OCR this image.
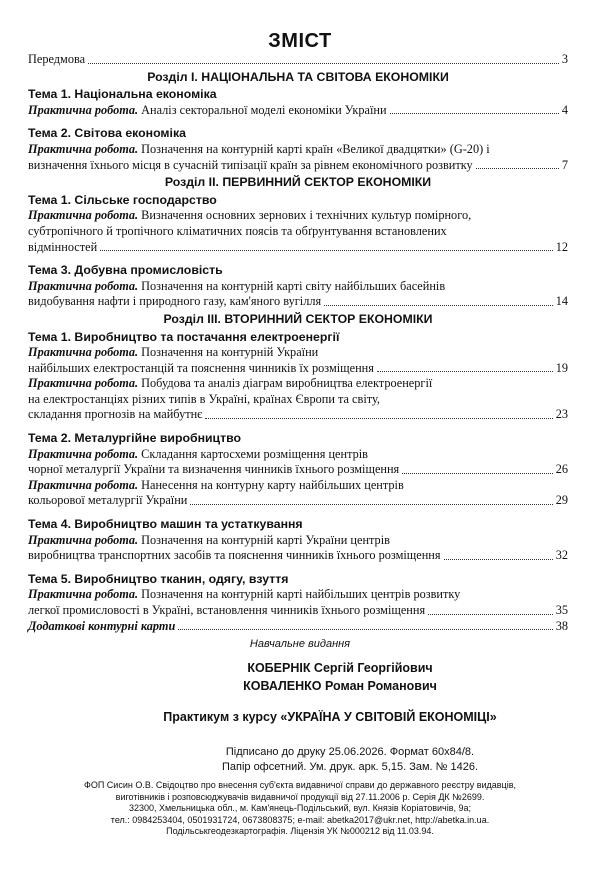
ЗМІСТ
Передмова	3
Розділ І. НАЦІОНАЛЬНА ТА СВІТОВА ЕКОНОМІКИ
Тема 1. Національна економіка
Практична робота. Аналіз секторальної моделі економіки України	4
Тема 2. Світова економіка
Практична робота. Позначення на контурній карті країн «Великої двадцятки» (G-20) і
визначення їхнього місця в сучасній типізації країн за рівнем економічного розвитку	7
Розділ ІІ. ПЕРВИННИЙ СЕКТОР ЕКОНОМІКИ
Тема 1. Сільське господарство
Практична робота. Визначення основних зернових і технічних культур помірного,
субтропічного й тропічного кліматичних поясів та обґрунтування встановлених
відмінностей	12
Тема 3. Добувна промисловість
Практична робота. Позначення на контурній карті світу найбільших басейнів
видобування нафти і природного газу, кам'яного вугілля	14
Розділ ІІІ. ВТОРИННИЙ СЕКТОР ЕКОНОМІКИ
Тема 1. Виробництво та постачання електроенергії
Практична робота. Позначення на контурній України
найбільших електростанцій та пояснення чинників їх розміщення	19
Практична робота. Побудова та аналіз діаграм виробництва електроенергії
на електростанціях різних типів в Україні, країнах Європи та світу,
складання прогнозів на майбутнє	23
Тема 2. Металургійне виробництво
Практична робота. Складання картосхеми розміщення центрів
чорної металургії України та визначення чинників їхнього розміщення	26
Практична робота. Нанесення на контурну карту найбільших центрів
кольорової металургії України	29
Тема 4. Виробництво машин та устаткування
Практична робота. Позначення на контурній карті України центрів
виробництва транспортних засобів та пояснення чинників їхнього розміщення	32
Тема 5. Виробництво тканин, одягу, взуття
Практична робота. Позначення на контурній карті найбільших центрів розвитку
легкої промисловості в Україні, встановлення чинників їхнього розміщення	35
Додаткові контурні карти	38
Навчальне видання
КОБЕРНІК Сергій Георгійович
КОВАЛЕНКО Роман Романович
Практикум з курсу «УКРАЇНА У СВІТОВІЙ ЕКОНОМІЦІ»
Підписано до друку 25.06.2026. Формат 60х84/8.
Папір офсетний. Ум. друк. арк. 5,15. Зам. № 1426.
ФОП Сисин О.В. Свідоцтво про внесення суб'єкта видавничої справи до державного реєстру видавців,
виготівників і розповсюджувачів видавничої продукції від 27.11.2006 р. Серія ДК №2699.
32300, Хмельницька обл., м. Кам'янець-Подільський, вул. Князів Коріатовичів, 9а;
тел.: 0984253404, 0501931724, 0673808375; e-mail: abetka2017@ukr.net, http://abetka.in.ua.
Подільськгеодезкартографія. Ліцензія УК №000212 від 11.03.94.
